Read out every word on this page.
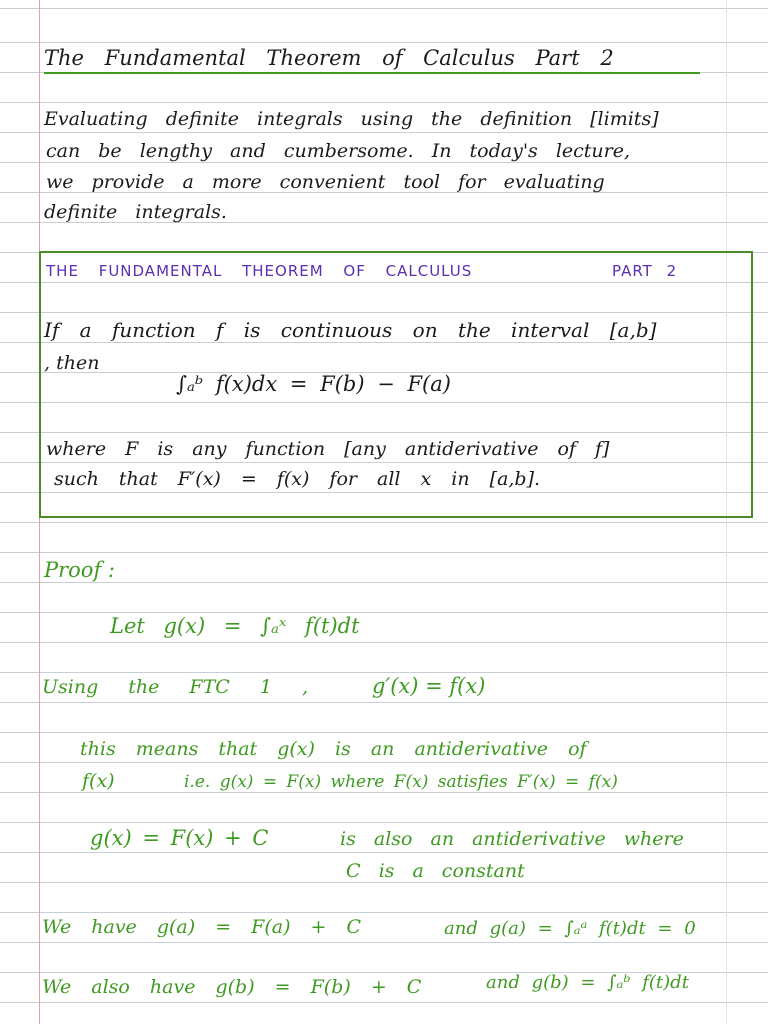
The Fundamental Theorem of Calculus Part 2
Evaluating definite integrals using the definition [limits]
can be lengthy and cumbersome. In today's lecture,
we provide a more convenient tool for evaluating
definite integrals.
THE FUNDAMENTAL THEOREM OF CALCULUS	PART 2
If a function f is continuous on the interval [a,b]
, then
∫ₐᵇ f(x)dx = F(b) − F(a)
where F is any function [any antiderivative of f]
such that F′(x) = f(x) for all x in [a,b].
Proof :
Let g(x) = ∫ₐˣ f(t)dt
Using the FTC 1 ,	g′(x) = f(x)
this means that g(x) is an antiderivative of
f(x)	i.e. g(x) = F(x) where F(x) satisfies F′(x) = f(x)
g(x) = F(x) + C	is also an antiderivative where
C is a constant
We have g(a) = F(a) + C	and g(a) = ∫ₐᵃ f(t)dt = 0
We also have g(b) = F(b) + C	and g(b) = ∫ₐᵇ f(t)dt
